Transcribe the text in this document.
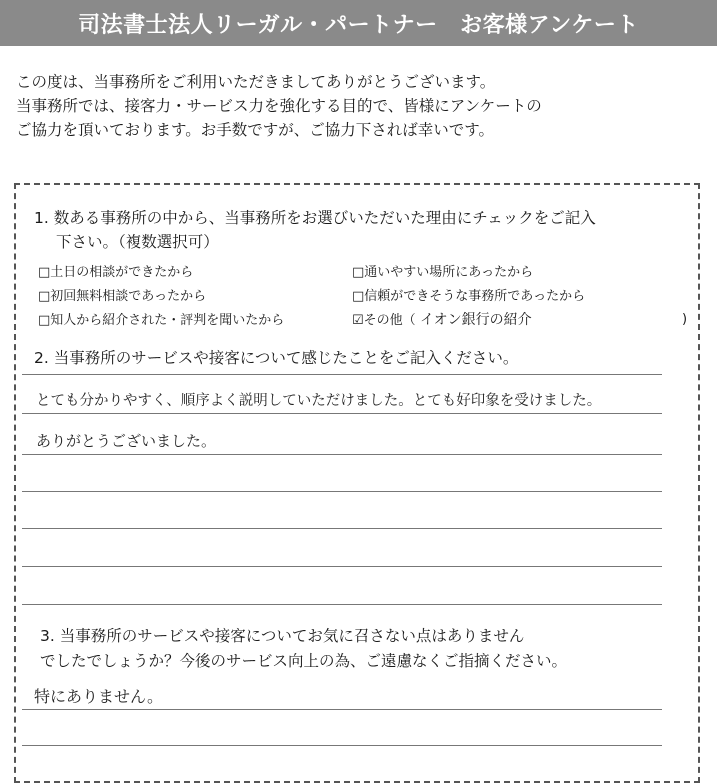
司法書士法人リーガル・パートナー　お客様アンケート
この度は、当事務所をご利用いただきましてありがとうございます。
当事務所では、接客力・サービス力を強化する目的で、皆様にアンケートの
ご協力を頂いております。お手数ですが、ご協力下されば幸いです。
1. 数ある事務所の中から、当事務所をお選びいただいた理由にチェックをご記入
下さい。（複数選択可）
□土日の相談ができたから	□通いやすい場所にあったから
□初回無料相談であったから	□信頼ができそうな事務所であったから
□知人から紹介された・評判を聞いたから	☑その他（ イオン銀行の紹介	)
2. 当事務所のサービスや接客について感じたことをご記入ください。
とても分かりやすく、順序よく説明していただけました。とても好印象を受けました。
ありがとうございました。
3. 当事務所のサービスや接客についてお気に召さない点はありません
でしたでしょうか？今後のサービス向上の為、ご遠慮なくご指摘ください。
特にありません。
